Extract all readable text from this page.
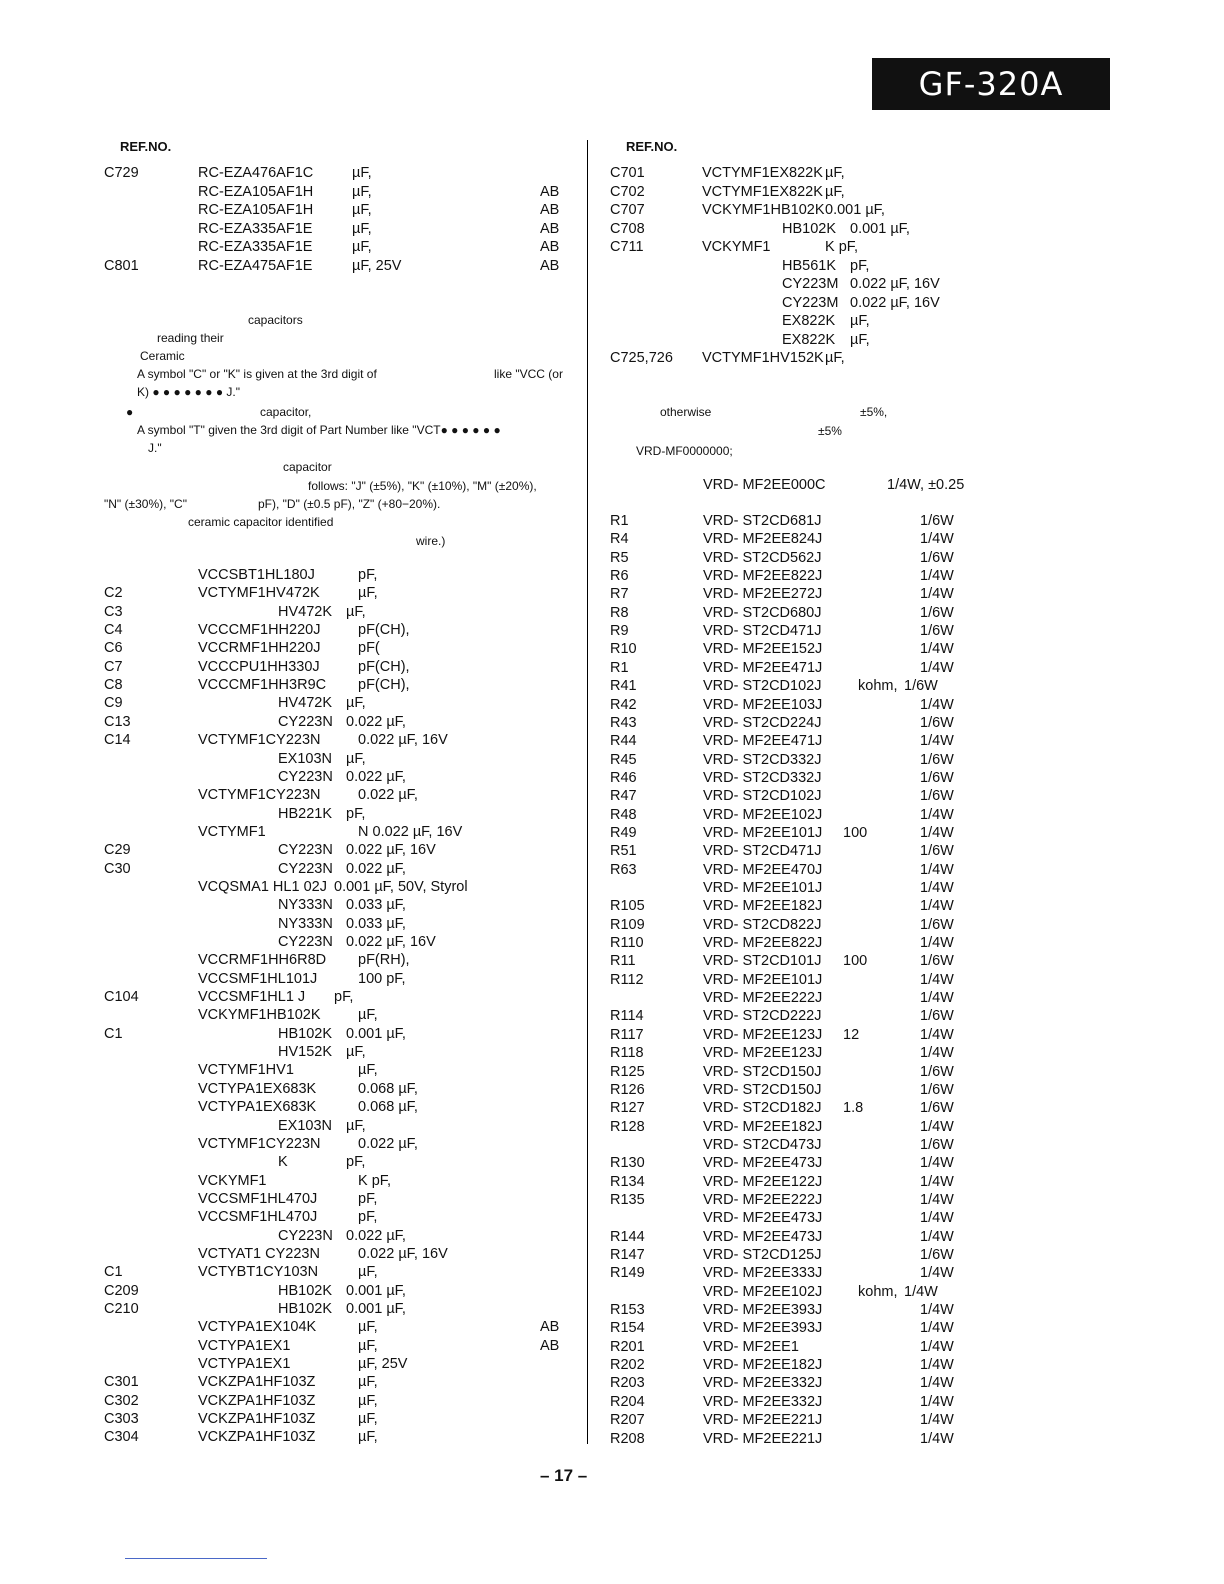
GF-320A
REF.NO.	REF.NO.
C729	RC-EZA476AF1C	µF,
RC-EZA105AF1H	µF,	AB
RC-EZA105AF1H	µF,	AB
RC-EZA335AF1E	µF,	AB
RC-EZA335AF1E	µF,	AB
C801	RC-EZA475AF1E	µF, 25V	AB
capacitors
reading their
Ceramic
A symbol "C" or "K" is given at the 3rd digit of	like "VCC (or
K) ● ● ● ● ● ● ● J."
●	capacitor,
A symbol "T" given the 3rd digit of Part Number like "VCT● ● ● ● ● ●
J."
capacitor
follows: "J" (±5%), "K" (±10%), "M" (±20%),
"N" (±30%), "C"	pF), "D" (±0.5 pF), "Z" (+80−20%).
ceramic capacitor identified
wire.)
VCCSBT1HL180J	pF,
C2	VCTYMF1HV472K	µF,
C3	HV472K µF,
C4	VCCCMF1HH220J	pF(CH),
C6	VCCRMF1HH220J	pF(
C7	VCCCPU1HH330J	pF(CH),
C8	VCCCMF1HH3R9C pF(CH),
C9	HV472K µF,
C13	CY223N 0.022 µF,
C14	VCTYMF1CY223N	0.022 µF, 16V
EX103N µF,
CY223N 0.022 µF,
VCTYMF1CY223N	0.022 µF,
HB221K pF,
VCTYMF1	N 0.022 µF, 16V
C29	CY223N 0.022 µF, 16V
C30	CY223N 0.022 µF,
VCQSMA1 HL1 02J 0.001 µF, 50V, Styrol
NY333N 0.033 µF,
NY333N 0.033 µF,
CY223N 0.022 µF, 16V
VCCRMF1HH6R8D pF(RH),
VCCSMF1HL101J	100 pF,
C104	VCCSMF1HL1 J pF,
VCKYMF1HB102K	µF,
C1	HB102K 0.001 µF,
HV152K µF,
VCTYMF1HV1	µF,
VCTYPA1EX683K	0.068 µF,
VCTYPA1EX683K	0.068 µF,
EX103N µF,
VCTYMF1CY223N	0.022 µF,
K	pF,
VCKYMF1	K pF,
VCCSMF1HL470J	pF,
VCCSMF1HL470J	pF,
CY223N 0.022 µF,
VCTYAT1 CY223N	0.022 µF, 16V
C1	VCTYBT1CY103N	µF,
C209	HB102K 0.001 µF,
C210	HB102K 0.001 µF,
VCTYPA1EX104K	µF,	AB
VCTYPA1EX1	µF,	AB
VCTYPA1EX1	µF, 25V
C301	VCKZPA1HF103Z	µF,
C302	VCKZPA1HF103Z	µF,
C303	VCKZPA1HF103Z	µF,
C304	VCKZPA1HF103Z	µF,
C701	VCTYMF1EX822K µF,
C702	VCTYMF1EX822K µF,
C707	VCKYMF1HB102K 0.001 µF,
C708	HB102K 0.001 µF,
C711	VCKYMF1	K pF,
HB561K pF,
CY223M 0.022 µF, 16V
CY223M 0.022 µF, 16V
EX822K µF,
EX822K µF,
C725,726 VCTYMF1HV152K µF,
otherwise	±5%,
±5%
VRD-MF0000000;
VRD- MF2EE000C	1/4W, ±0.25
R1	VRD- ST2CD681J	1/6W
R4	VRD- MF2EE824J	1/4W
R5	VRD- ST2CD562J	1/6W
R6	VRD- MF2EE822J	1/4W
R7	VRD- MF2EE272J	1/4W
R8	VRD- ST2CD680J	1/6W
R9	VRD- ST2CD471J	1/6W
R10	VRD- MF2EE152J	1/4W
R1	VRD- MF2EE471J	1/4W
R41	VRD- ST2CD102J	kohm, 1/6W
R42	VRD- MF2EE103J	1/4W
R43	VRD- ST2CD224J	1/6W
R44	VRD- MF2EE471J	1/4W
R45	VRD- ST2CD332J	1/6W
R46	VRD- ST2CD332J	1/6W
R47	VRD- ST2CD102J	1/6W
R48	VRD- MF2EE102J	1/4W
R49	VRD- MF2EE101J 100	1/4W
R51	VRD- ST2CD471J	1/6W
R63	VRD- MF2EE470J	1/4W
VRD- MF2EE101J	1/4W
R105	VRD- MF2EE182J	1/4W
R109	VRD- ST2CD822J	1/6W
R110	VRD- MF2EE822J	1/4W
R11	VRD- ST2CD101J 100	1/6W
R112	VRD- MF2EE101J	1/4W
VRD- MF2EE222J	1/4W
R114	VRD- ST2CD222J	1/6W
R117	VRD- MF2EE123J 12	1/4W
R118	VRD- MF2EE123J	1/4W
R125	VRD- ST2CD150J	1/6W
R126	VRD- ST2CD150J	1/6W
R127	VRD- ST2CD182J 1.8	1/6W
R128	VRD- MF2EE182J	1/4W
VRD- ST2CD473J	1/6W
R130	VRD- MF2EE473J	1/4W
R134	VRD- MF2EE122J	1/4W
R135	VRD- MF2EE222J	1/4W
VRD- MF2EE473J	1/4W
R144	VRD- MF2EE473J	1/4W
R147	VRD- ST2CD125J	1/6W
R149	VRD- MF2EE333J	1/4W
VRD- MF2EE102J kohm, 1/4W
R153	VRD- MF2EE393J	1/4W
R154	VRD- MF2EE393J	1/4W
R201	VRD- MF2EE1	1/4W
R202	VRD- MF2EE182J	1/4W
R203	VRD- MF2EE332J	1/4W
R204	VRD- MF2EE332J	1/4W
R207	VRD- MF2EE221J	1/4W
R208	VRD- MF2EE221J	1/4W
– 17 –
